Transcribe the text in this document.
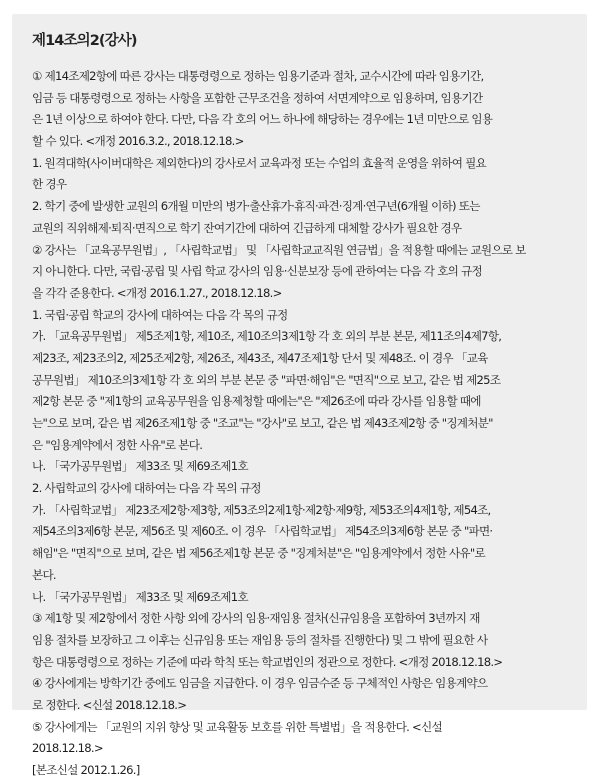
제14조의2(강사)
① 제14조제2항에 따른 강사는 대통령령으로 정하는 임용기준과 절차, 교수시간에 따라 임용기간,
임금 등 대통령령으로 정하는 사항을 포함한 근무조건을 정하여 서면계약으로 임용하며, 임용기간
은 1년 이상으로 하여야 한다. 다만, 다음 각 호의 어느 하나에 해당하는 경우에는 1년 미만으로 임용
할 수 있다. <개정 2016.3.2., 2018.12.18.>
1. 원격대학(사이버대학은 제외한다)의 강사로서 교육과정 또는 수업의 효율적 운영을 위하여 필요
한 경우
2. 학기 중에 발생한 교원의 6개월 미만의 병가·출산휴가·휴직·파견·징계·연구년(6개월 이하) 또는
교원의 직위해제·퇴직·면직으로 학기 잔여기간에 대하여 긴급하게 대체할 강사가 필요한 경우
② 강사는 「교육공무원법」, 「사립학교법」 및 「사립학교교직원 연금법」을 적용할 때에는 교원으로 보
지 아니한다. 다만, 국립·공립 및 사립 학교 강사의 임용·신분보장 등에 관하여는 다음 각 호의 규정
을 각각 준용한다. <개정 2016.1.27., 2018.12.18.>
1. 국립·공립 학교의 강사에 대하여는 다음 각 목의 규정
가. 「교육공무원법」 제5조제1항, 제10조, 제10조의3제1항 각 호 외의 부분 본문, 제11조의4제7항,
제23조, 제23조의2, 제25조제2항, 제26조, 제43조, 제47조제1항 단서 및 제48조. 이 경우 「교육
공무원법」 제10조의3제1항 각 호 외의 부분 본문 중 "파면·해임"은 "면직"으로 보고, 같은 법 제25조
제2항 본문 중 "제1항의 교육공무원을 임용제청할 때에는"은 "제26조에 따라 강사를 임용할 때에
는"으로 보며, 같은 법 제26조제1항 중 "조교"는 "강사"로 보고, 같은 법 제43조제2항 중 "징계처분"
은 "임용계약에서 정한 사유"로 본다.
나. 「국가공무원법」 제33조 및 제69조제1호
2. 사립학교의 강사에 대하여는 다음 각 목의 규정
가. 「사립학교법」 제23조제2항·제3항, 제53조의2제1항·제2항·제9항, 제53조의4제1항, 제54조,
제54조의3제6항 본문, 제56조 및 제60조. 이 경우 「사립학교법」 제54조의3제6항 본문 중 "파면·
해임"은 "면직"으로 보며, 같은 법 제56조제1항 본문 중 "징계처분"은 "임용계약에서 정한 사유"로
본다.
나. 「국가공무원법」 제33조 및 제69조제1호
③ 제1항 및 제2항에서 정한 사항 외에 강사의 임용·재임용 절차(신규임용을 포함하여 3년까지 재
임용 절차를 보장하고 그 이후는 신규임용 또는 재임용 등의 절차를 진행한다) 및 그 밖에 필요한 사
항은 대통령령으로 정하는 기준에 따라 학칙 또는 학교법인의 정관으로 정한다. <개정 2018.12.18.>
④ 강사에게는 방학기간 중에도 임금을 지급한다. 이 경우 임금수준 등 구체적인 사항은 임용계약으
로 정한다. <신설 2018.12.18.>
⑤ 강사에게는 「교원의 지위 향상 및 교육활동 보호를 위한 특별법」을 적용한다. <신설
2018.12.18.>
[본조신설 2012.1.26.]
